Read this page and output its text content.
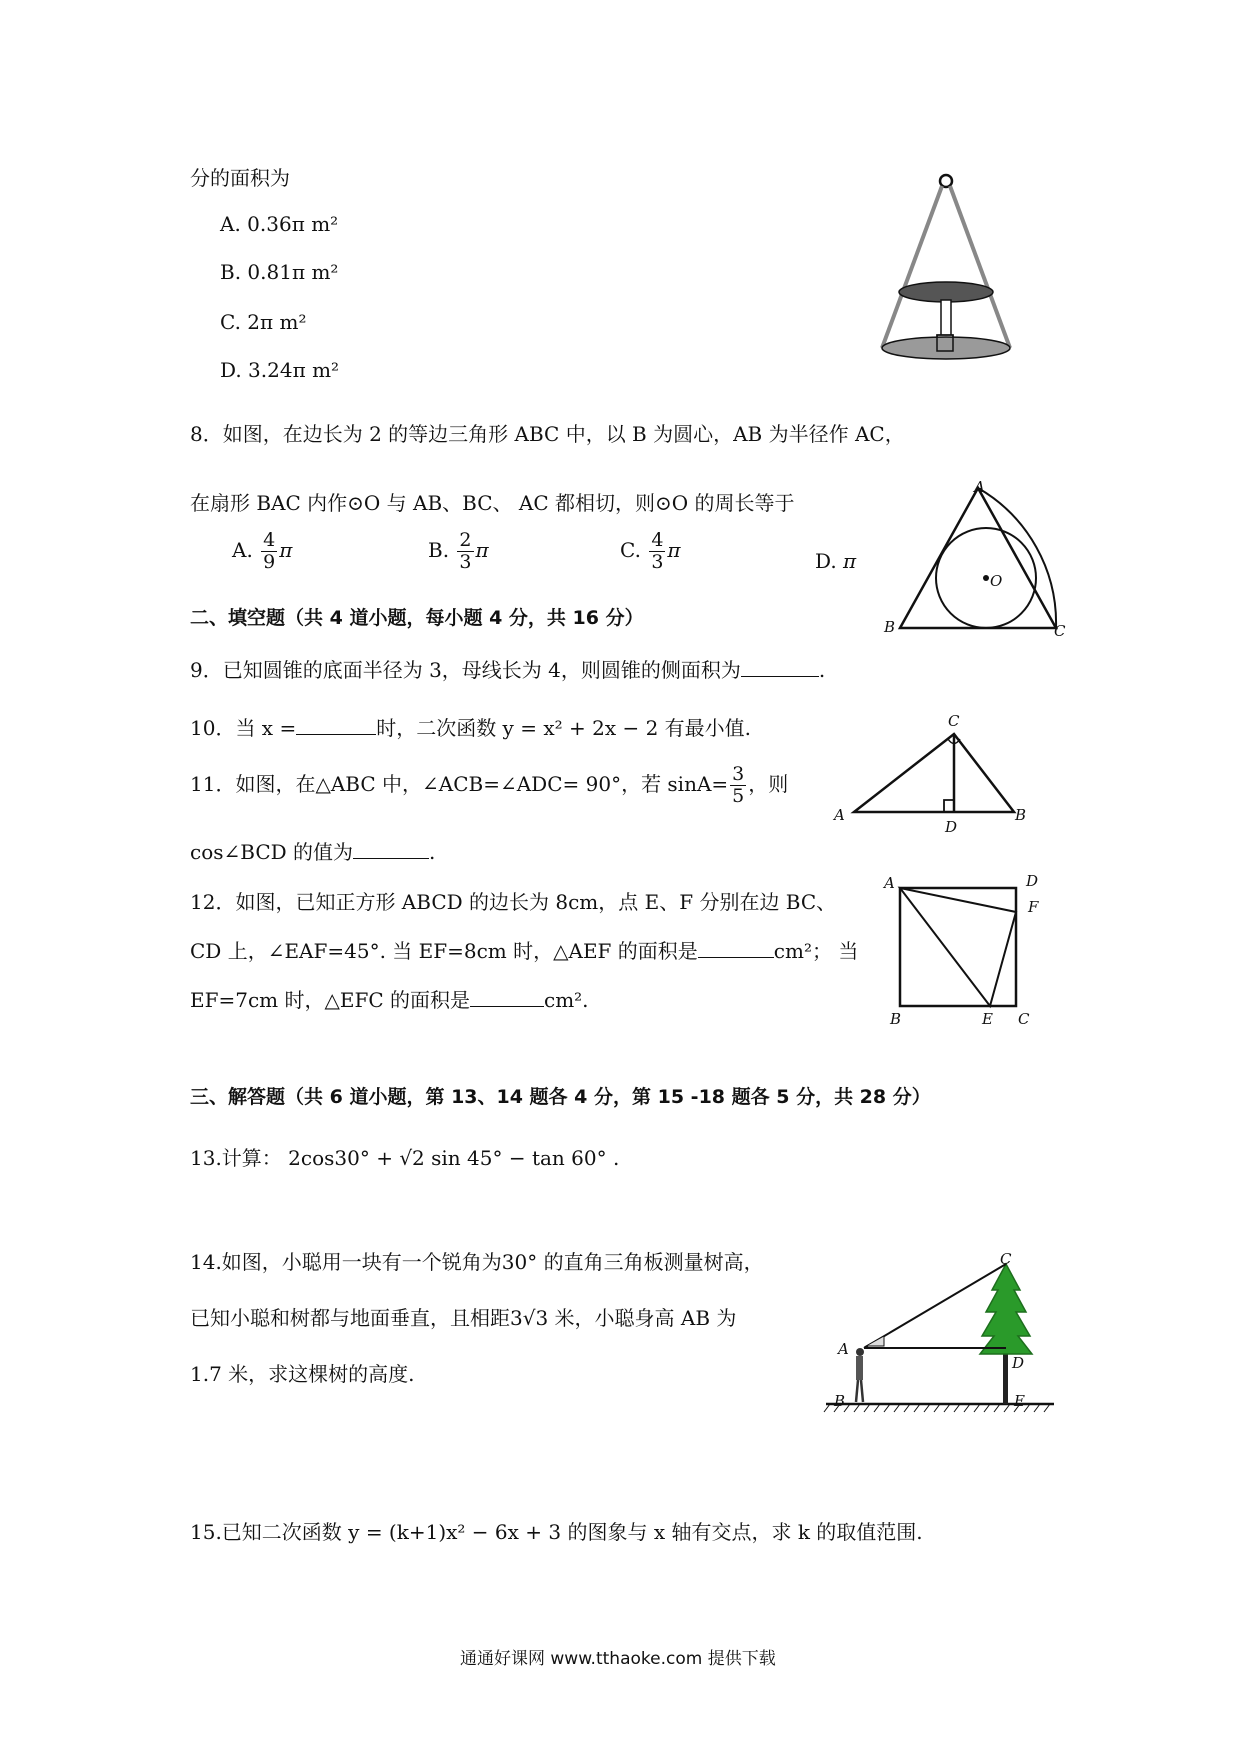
分的面积为
A. 0.36π m²
B. 0.81π m²
C. 2π m²
D. 3.24π m²
8．如图，在边长为 2 的等边三角形 ABC 中，以 B 为圆心，AB 为半径作 AC，
在扇形 BAC 内作⊙O 与 AB、BC、 AC 都相切，则⊙O 的周长等于
A. $\frac{4}{9}$ π	B. $\frac{2}{3}$ π	C. $\frac{4}{3}$ π	D. π
A
B	C
O
二、填空题（共 4 道小题，每小题 4 分，共 16 分）
9．已知圆锥的底面半径为 3，母线长为 4，则圆锥的侧面积为	.
10．当 x =	时，二次函数 y = x² + 2x − 2 有最小值.	C
A	B
D
11．如图，在△ABC 中，∠ACB=∠ADC= 90°，若 $\sin A= \frac{3}{5}$ ，则
cos∠BCD 的值为	.
12．如图，已知正方形 ABCD 的边长为 8cm，点 E、F 分别在边 BC、
CD 上，∠EAF=45°. 当 EF=8cm 时，△AEF 的面积是	cm²； 当
EF=7cm 时，△EFC 的面积是	cm².
A	D
F
B	E C
三、解答题（共 6 道小题，第 13、14 题各 4 分，第 15 -18 题各 5 分，共 28 分）
13.计算： 2cos30° + √2 sin 45° − tan 60° .
14.如图，小聪用一块有一个锐角为30° 的直角三角板测量树高，
已知小聪和树都与地面垂直，且相距3√3 米，小聪身高 AB 为
1.7 米，求这棵树的高度.
C
A
D
B	E
15.已知二次函数 y = (k+1)x² − 6x + 3 的图象与 x 轴有交点，求 k 的取值范围.
通通好课网 www.tthaoke.com 提供下载
